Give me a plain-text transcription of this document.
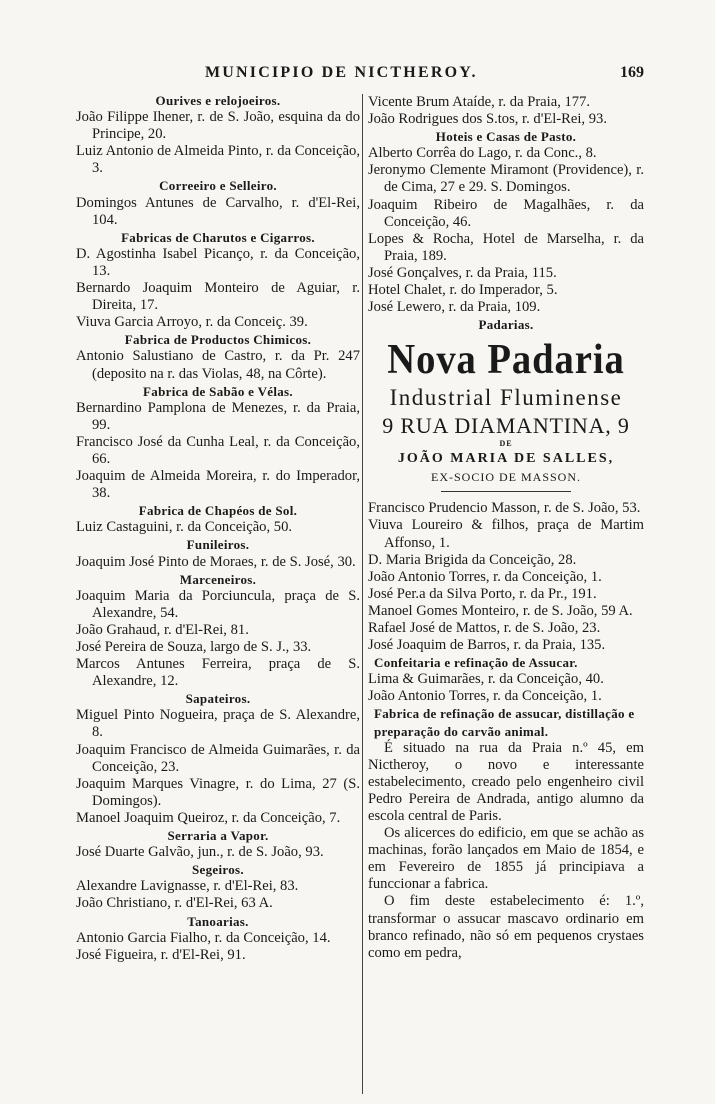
MUNICIPIO DE NICTHEROY.	169
Ourives e relojoeiros.
João Filippe Ihener, r. de S. João, esquina da do Principe, 20.
Luiz Antonio de Almeida Pinto, r. da Conceição, 3.
Correeiro e Selleiro.
Domingos Antunes de Carvalho, r. d'El-Rei, 104.
Fabricas de Charutos e Cigarros.
D. Agostinha Isabel Picanço, r. da Conceição, 13.
Bernardo Joaquim Monteiro de Aguiar, r. Direita, 17.
Viuva Garcia Arroyo, r. da Conceiç. 39.
Fabrica de Productos Chimicos.
Antonio Salustiano de Castro, r. da Pr. 247 (deposito na r. das Violas, 48, na Côrte).
Fabrica de Sabão e Vélas.
Bernardino Pamplona de Menezes, r. da Praia, 99.
Francisco José da Cunha Leal, r. da Conceição, 66.
Joaquim de Almeida Moreira, r. do Imperador, 38.
Fabrica de Chapéos de Sol.
Luiz Castaguini, r. da Conceição, 50.
Funileiros.
Joaquim José Pinto de Moraes, r. de S. José, 30.
Marceneiros.
Joaquim Maria da Porciuncula, praça de S. Alexandre, 54.
João Grahaud, r. d'El-Rei, 81.
José Pereira de Souza, largo de S. J., 33.
Marcos Antunes Ferreira, praça de S. Alexandre, 12.
Sapateiros.
Miguel Pinto Nogueira, praça de S. Alexandre, 8.
Joaquim Francisco de Almeida Guimarães, r. da Conceição, 23.
Joaquim Marques Vinagre, r. do Lima, 27 (S. Domingos).
Manoel Joaquim Queiroz, r. da Conceição, 7.
Serraria a Vapor.
José Duarte Galvão, jun., r. de S. João, 93.
Segeiros.
Alexandre Lavignasse, r. d'El-Rei, 83.
João Christiano, r. d'El-Rei, 63 A.
Tanoarias.
Antonio Garcia Fialho, r. da Conceição, 14.
José Figueira, r. d'El-Rei, 91.
Vicente Brum Ataíde, r. da Praia, 177.
João Rodrigues dos S.tos, r. d'El-Rei, 93.
Hoteis e Casas de Pasto.
Alberto Corrêa do Lago, r. da Conc., 8.
Jeronymo Clemente Miramont (Providence), r. de Cima, 27 e 29. S. Domingos.
Joaquim Ribeiro de Magalhães, r. da Conceição, 46.
Lopes & Rocha, Hotel de Marselha, r. da Praia, 189.
José Gonçalves, r. da Praia, 115.
Hotel Chalet, r. do Imperador, 5.
José Lewero, r. da Praia, 109.
Padarias.
Nova Padaria
Industrial Fluminense
9 RUA DIAMANTINA, 9
DE
JOÃO MARIA DE SALLES,
EX-SOCIO DE MASSON.
Francisco Prudencio Masson, r. de S. João, 53.
Viuva Loureiro & filhos, praça de Martim Affonso, 1.
D. Maria Brigida da Conceição, 28.
João Antonio Torres, r. da Conceição, 1.
José Per.a da Silva Porto, r. da Pr., 191.
Manoel Gomes Monteiro, r. de S. João, 59 A.
Rafael José de Mattos, r. de S. João, 23.
José Joaquim de Barros, r. da Praia, 135.
Confeitaria e refinação de Assucar.
Lima & Guimarães, r. da Conceição, 40.
João Antonio Torres, r. da Conceição, 1.
Fabrica de refinação de assucar, distillação e preparação do carvão animal.
É situado na rua da Praia n.º 45, em Nictheroy, o novo e interessante estabelecimento, creado pelo engenheiro civil Pedro Pereira de Andrada, antigo alumno da escola central de Paris.
Os alicerces do edificio, em que se achão as machinas, forão lançados em Maio de 1854, e em Fevereiro de 1855 já principiava a funccionar a fabrica.
O fim deste estabelecimento é: 1.º, transformar o assucar mascavo ordinario em branco refinado, não só em pequenos crystaes como em pedra,
